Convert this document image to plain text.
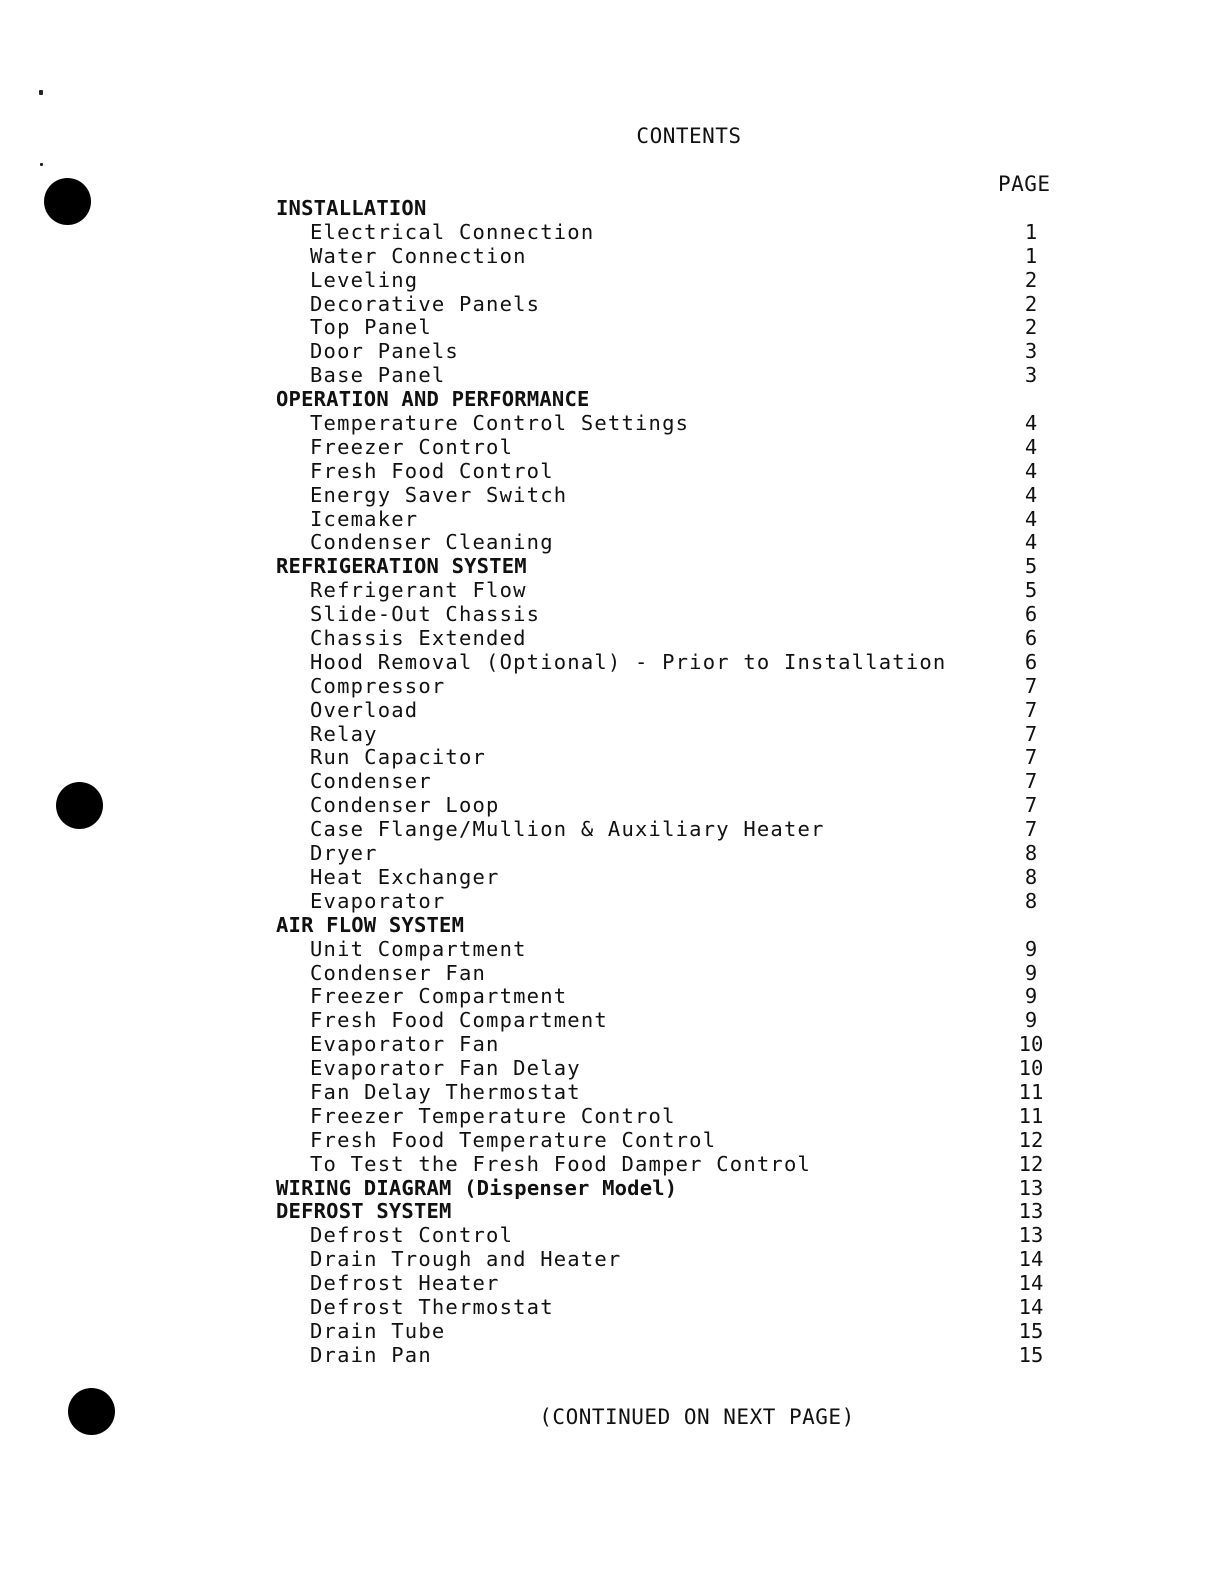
CONTENTS
PAGE
INSTALLATION
Electrical Connection	1
Water Connection	1
Leveling	2
Decorative Panels	2
Top Panel	2
Door Panels	3
Base Panel	3
OPERATION AND PERFORMANCE
Temperature Control Settings	4
Freezer Control	4
Fresh Food Control	4
Energy Saver Switch	4
Icemaker	4
Condenser Cleaning	4
REFRIGERATION SYSTEM	5
Refrigerant Flow	5
Slide-Out Chassis	6
Chassis Extended	6
Hood Removal (Optional) - Prior to Installation	6
Compressor	7
Overload	7
Relay	7
Run Capacitor	7
Condenser	7
Condenser Loop	7
Case Flange/Mullion & Auxiliary Heater	7
Dryer	8
Heat Exchanger	8
Evaporator	8
AIR FLOW SYSTEM
Unit Compartment	9
Condenser Fan	9
Freezer Compartment	9
Fresh Food Compartment	9
Evaporator Fan	10
Evaporator Fan Delay	10
Fan Delay Thermostat	11
Freezer Temperature Control	11
Fresh Food Temperature Control	12
To Test the Fresh Food Damper Control	12
WIRING DIAGRAM (Dispenser Model)	13
DEFROST SYSTEM	13
Defrost Control	13
Drain Trough and Heater	14
Defrost Heater	14
Defrost Thermostat	14
Drain Tube	15
Drain Pan	15
(CONTINUED ON NEXT PAGE)
